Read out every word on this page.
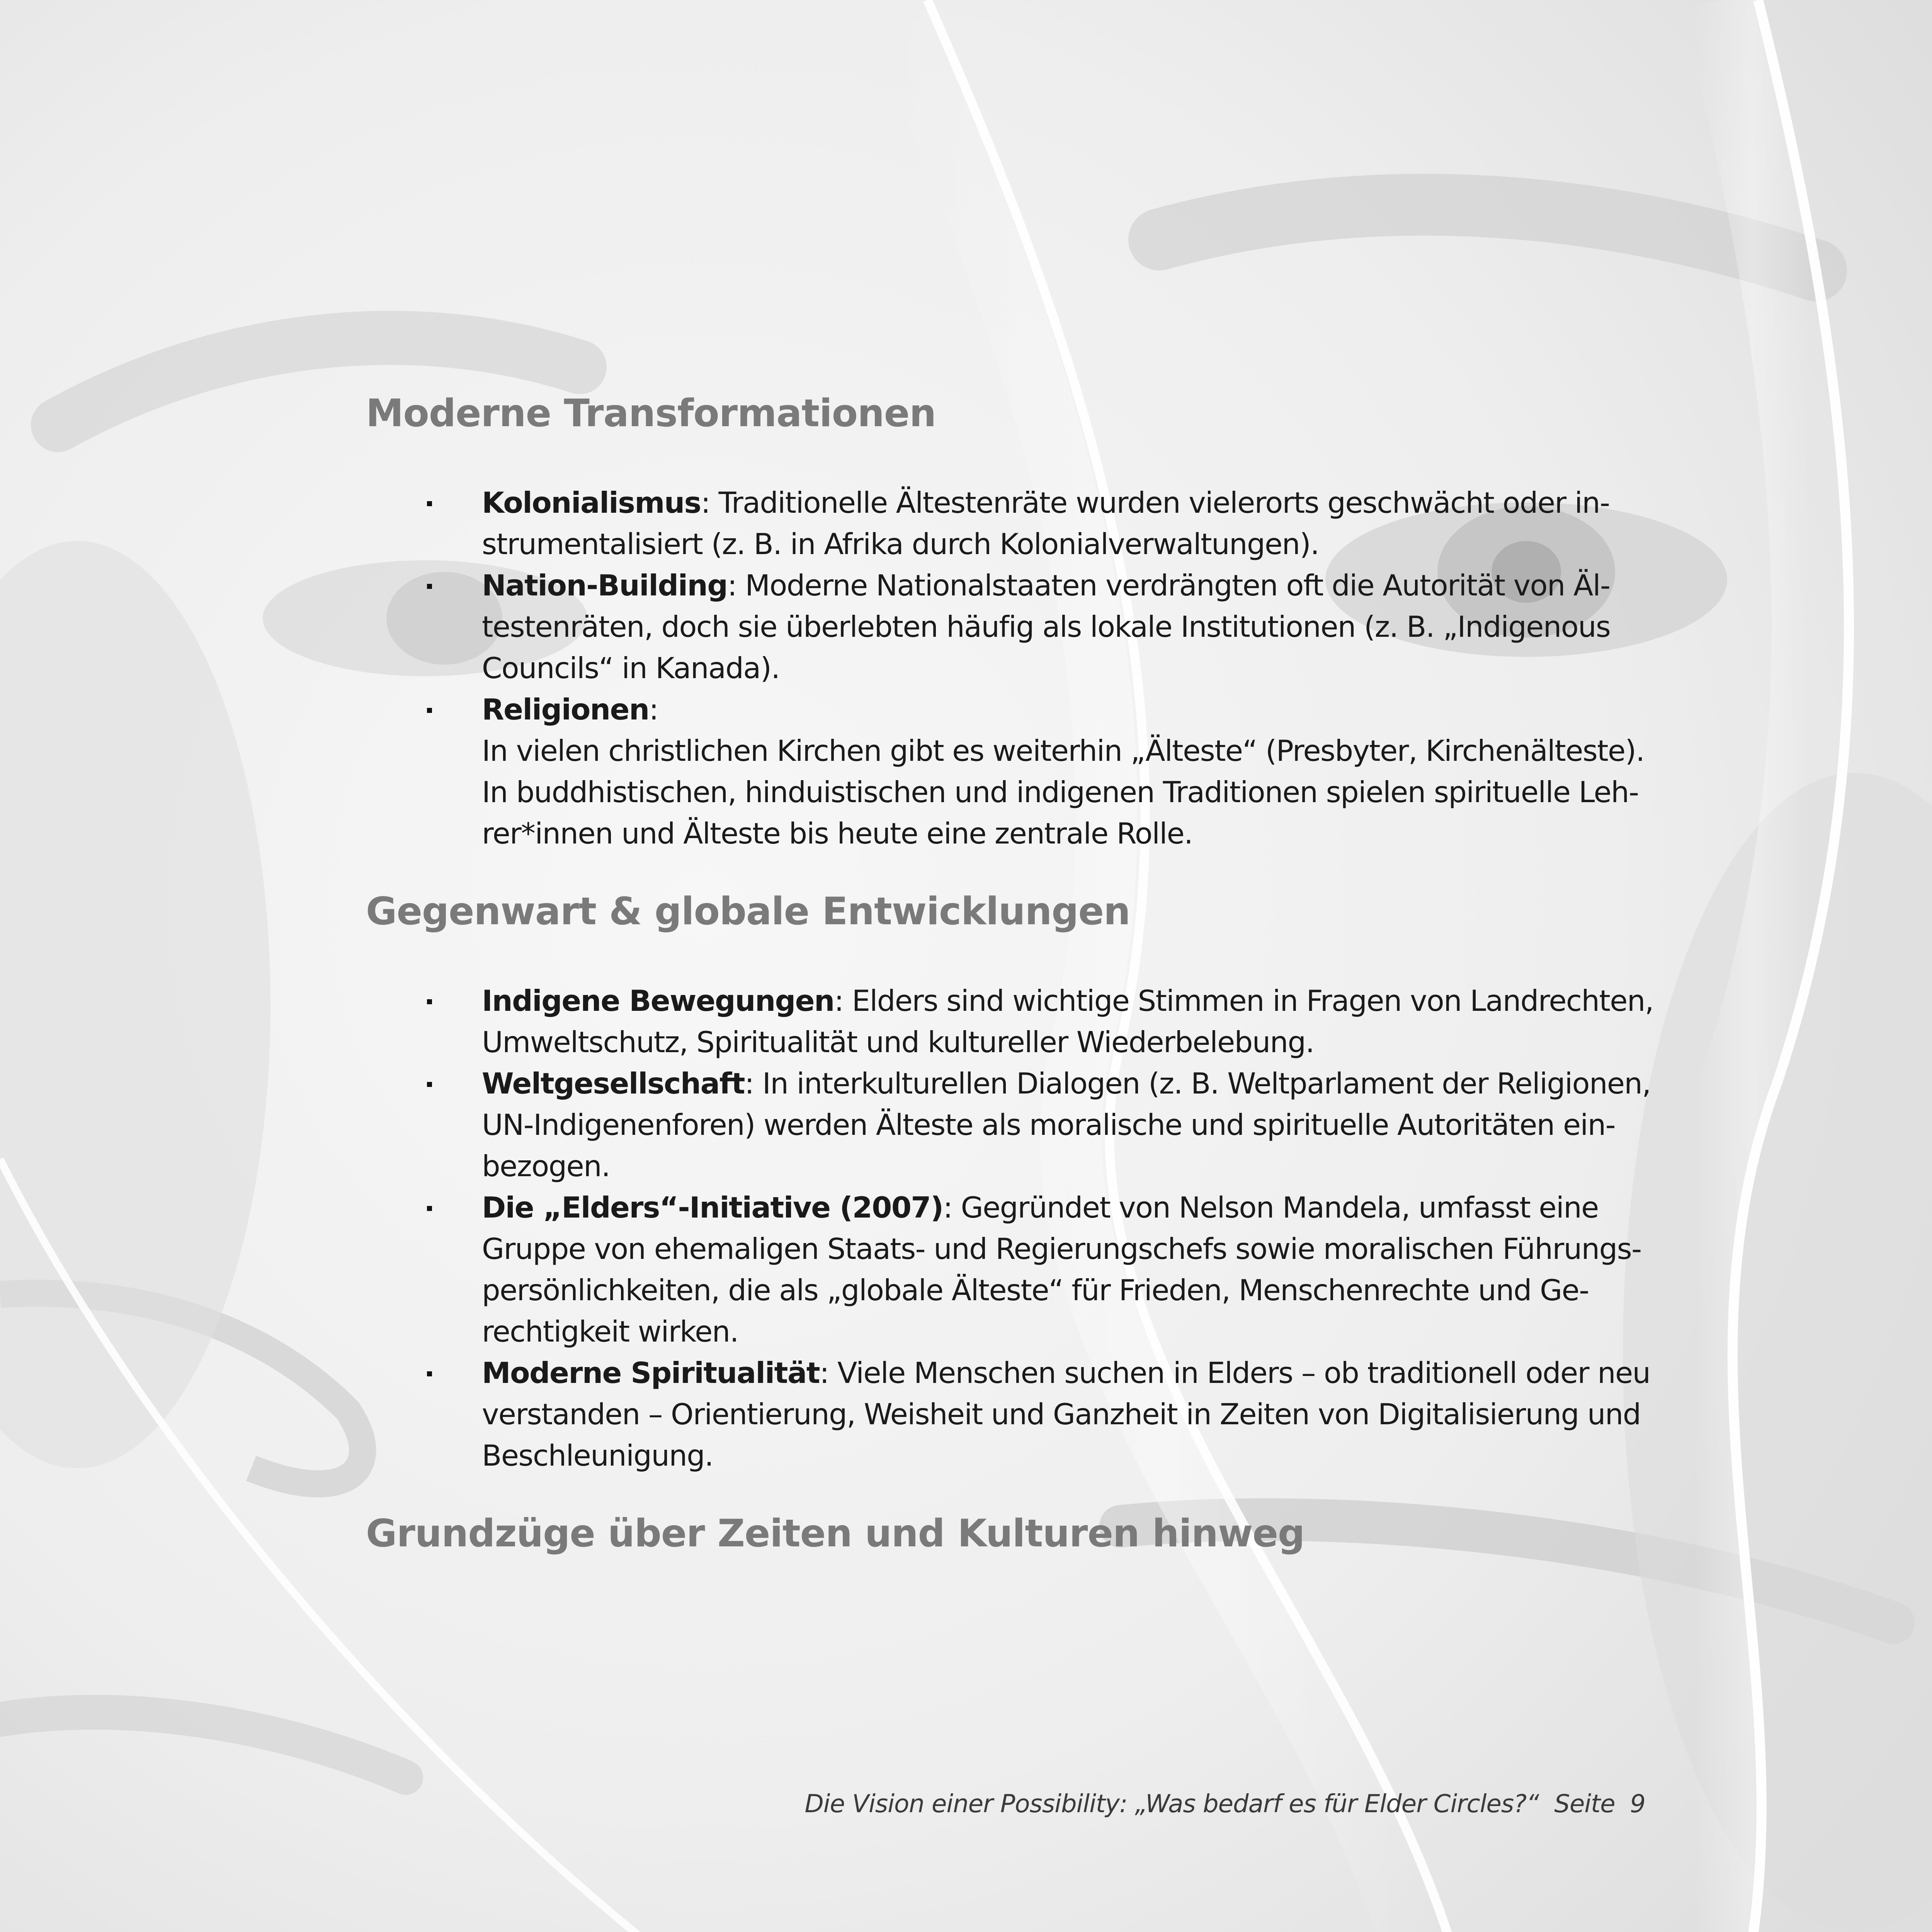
Moderne Transformationen
Kolonialismus: Traditionelle Ältestenräte wurden vielerorts geschwächt oder in-
strumentalisiert (z. B. in Afrika durch Kolonialverwaltungen).
Nation-Building: Moderne Nationalstaaten verdrängten oft die Autorität von Äl-
testenräten, doch sie überlebten häufig als lokale Institutionen (z. B. „Indigenous
Councils“ in Kanada).
Religionen:
In vielen christlichen Kirchen gibt es weiterhin „Älteste“ (Presbyter, Kirchenälteste).
In buddhistischen, hinduistischen und indigenen Traditionen spielen spirituelle Leh-
rer*innen und Älteste bis heute eine zentrale Rolle.
Gegenwart & globale Entwicklungen
Indigene Bewegungen: Elders sind wichtige Stimmen in Fragen von Landrechten,
Umweltschutz, Spiritualität und kultureller Wiederbelebung.
Weltgesellschaft: In interkulturellen Dialogen (z. B. Weltparlament der Religionen,
UN-Indigenenforen) werden Älteste als moralische und spirituelle Autoritäten ein-
bezogen.
Die „Elders“-Initiative (2007): Gegründet von Nelson Mandela, umfasst eine
Gruppe von ehemaligen Staats- und Regierungschefs sowie moralischen Führungs-
persönlichkeiten, die als „globale Älteste“ für Frieden, Menschenrechte und Ge-
rechtigkeit wirken.
Moderne Spiritualität: Viele Menschen suchen in Elders – ob traditionell oder neu
verstanden – Orientierung, Weisheit und Ganzheit in Zeiten von Digitalisierung und
Beschleunigung.
Grundzüge über Zeiten und Kulturen hinweg
Die Vision einer Possibility: „Was bedarf es für Elder Circles?“ Seite 9
